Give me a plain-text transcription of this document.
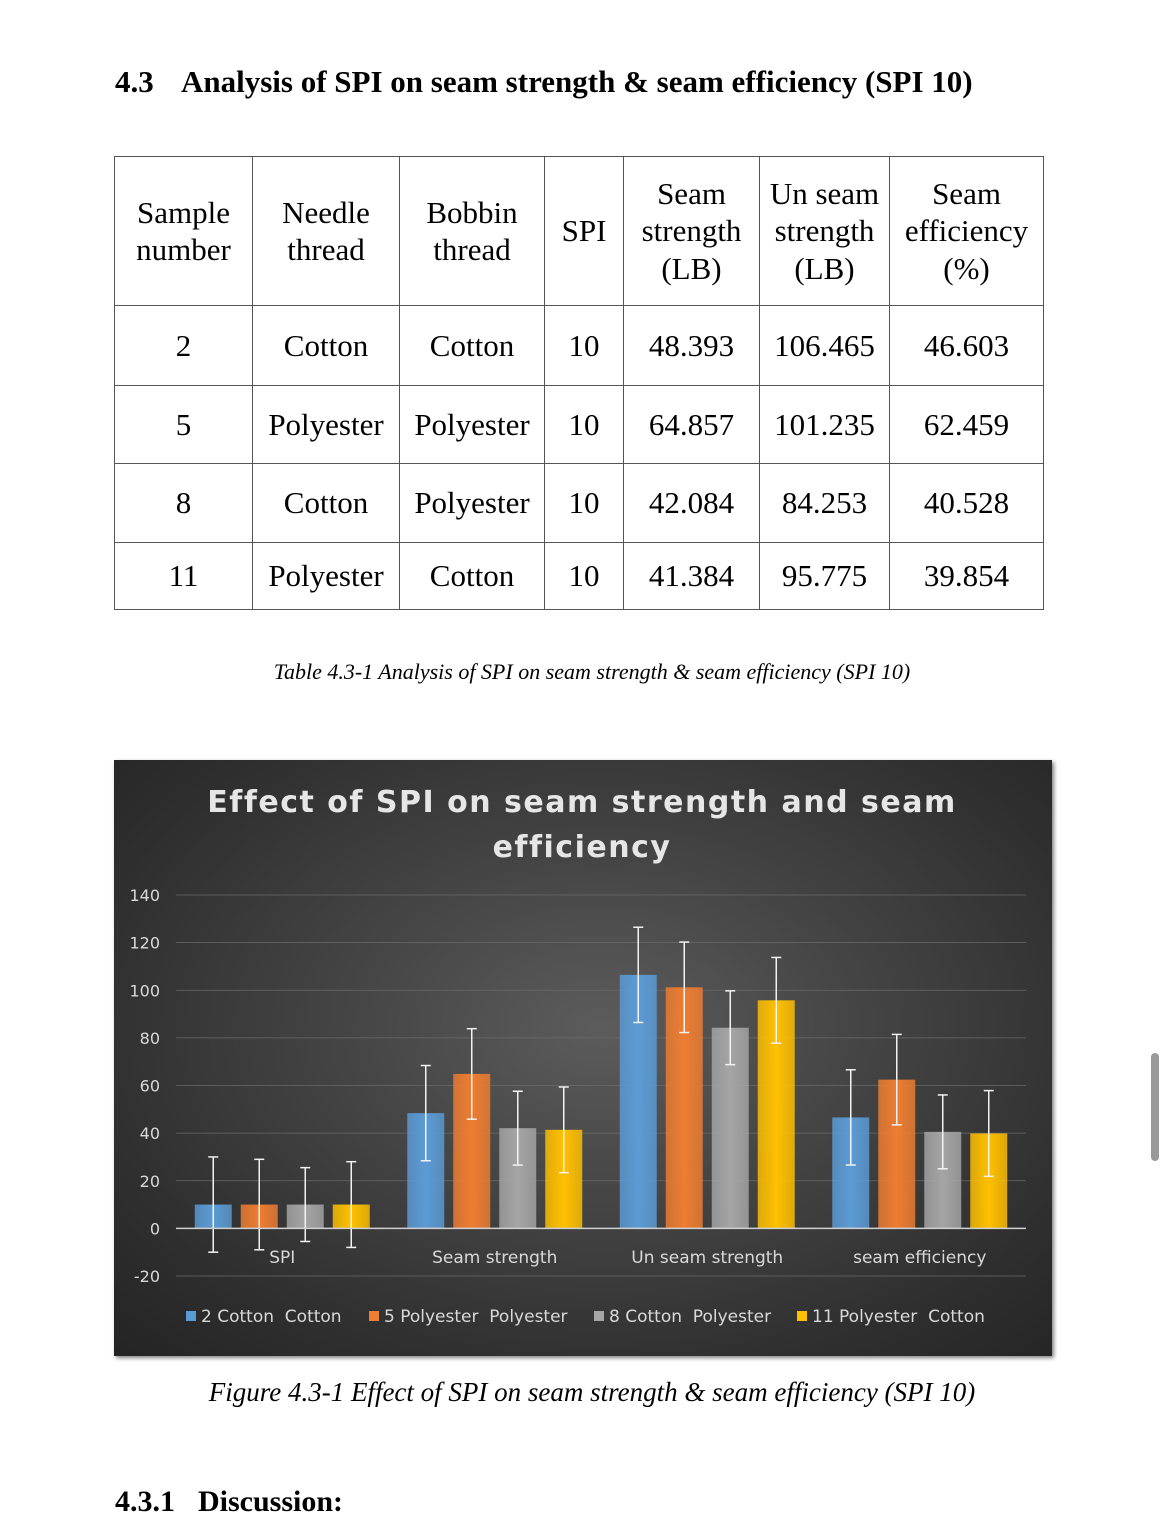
4.3 Analysis of SPI on seam strength & seam efficiency (SPI 10)
Sample number	Needle thread	Bobbin thread	SPI	Seam strength (LB)	Un seam strength (LB)	Seam efficiency (%)
2	Cotton	Cotton	10	48.393	106.465	46.603
5	Polyester	Polyester	10	64.857	101.235	62.459
8	Cotton	Polyester	10	42.084	84.253	40.528
11	Polyester	Cotton	10	41.384	95.775	39.854
Table 4.3-1 Analysis of SPI on seam strength & seam efficiency (SPI 10)
Effect of SPI on seam strength and seam
efficiency
140
120
100
80
60
40
20
0
-20
SPI	Seam strength	Un seam strength	seam efficiency
2 Cotton  Cotton 5 Polyester  Polyester 8 Cotton  Polyester 11 Polyester  Cotton
Figure 4.3-1 Effect of SPI on seam strength & seam efficiency (SPI 10)
4.3.1 Discussion:
